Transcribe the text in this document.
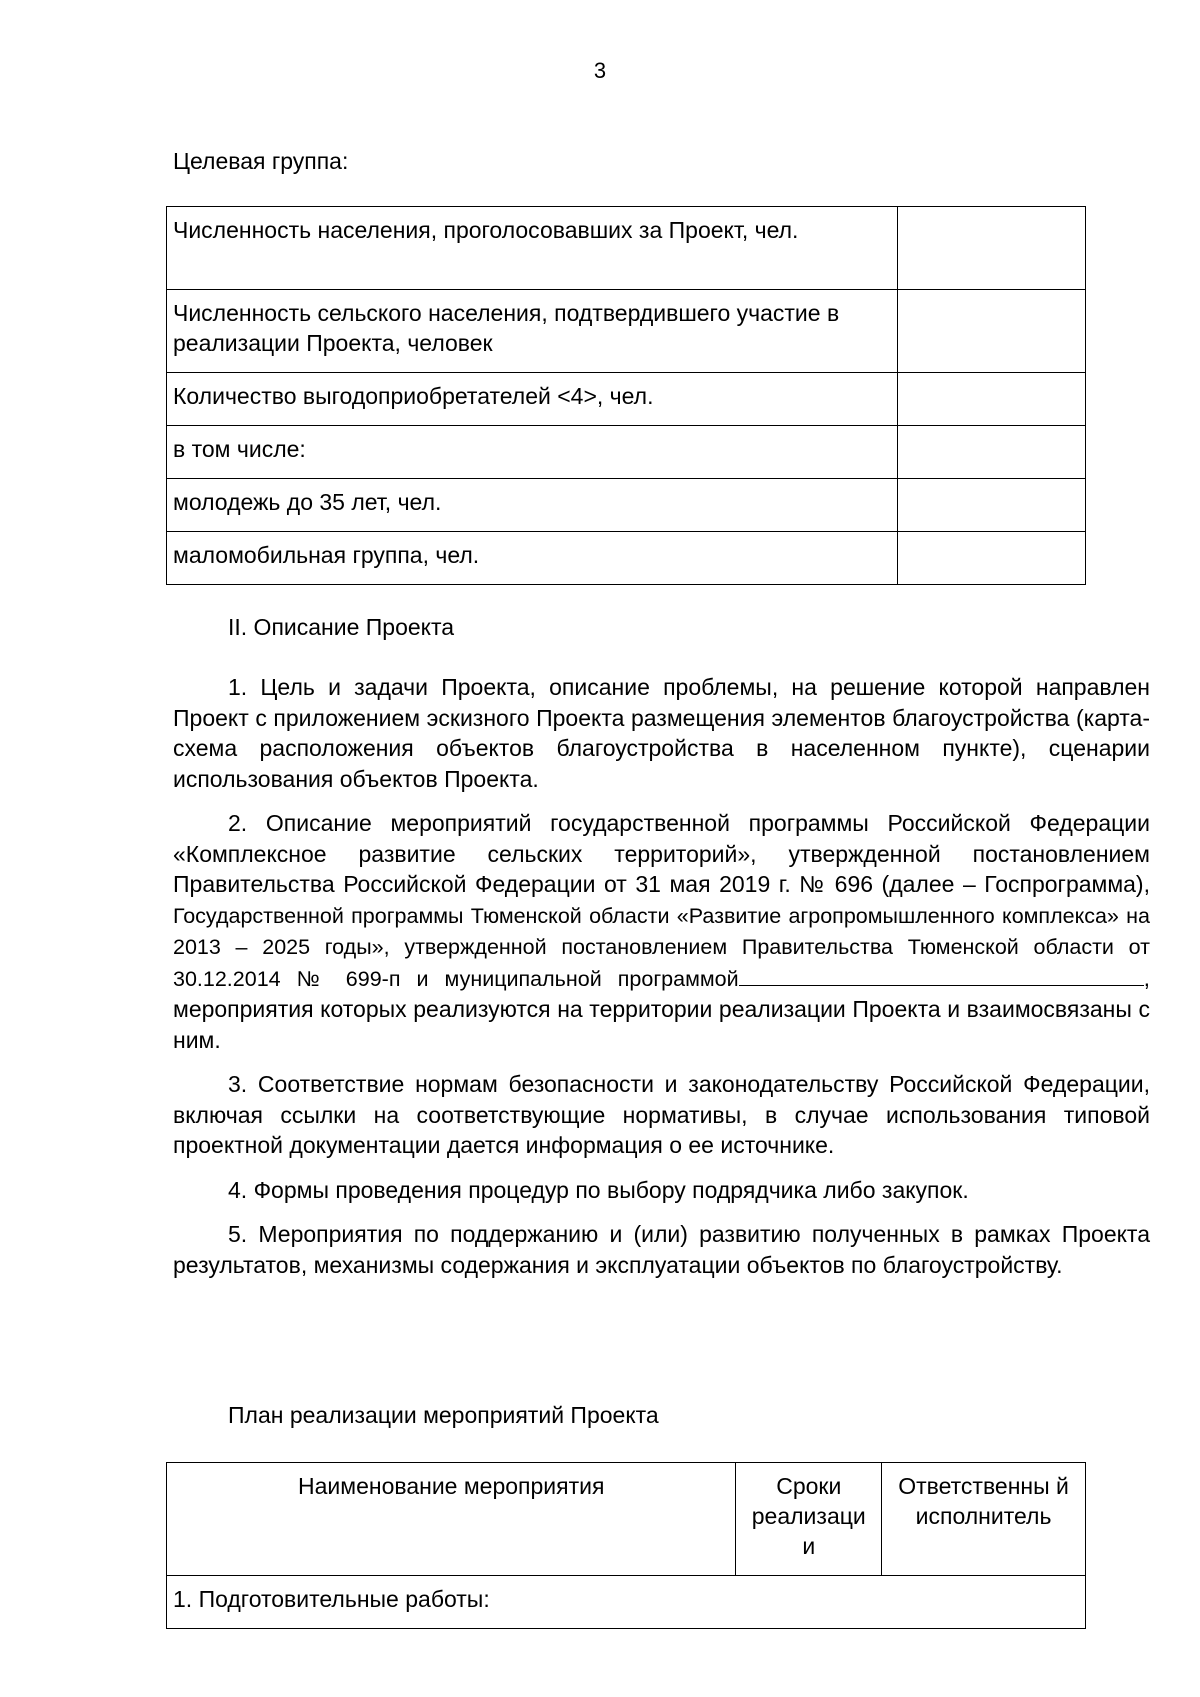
3
Целевая группа:
Численность населения, проголосовавших за Проект, чел.	
Численность сельского населения, подтвердившего участие в реализации Проекта, человек	
Количество выгодоприобретателей <4>, чел.	
в том числе:	
молодежь до 35 лет, чел.	
маломобильная группа, чел.	
II. Описание Проекта

1. Цель и задачи Проекта, описание проблемы, на решение которой направлен Проект с приложением эскизного Проекта размещения элементов благоустройства (карта-схема расположения объектов благоустройства в населенном пункте), сценарии использования объектов Проекта.

2. Описание мероприятий государственной программы Российской Федерации «Комплексное развитие сельских территорий», утвержденной постановлением Правительства Российской Федерации от 31 мая 2019 г. № 696 (далее – Госпрограмма), Государственной программы Тюменской области «Развитие агропромышленного комплекса» на 2013 – 2025 годы», утвержденной постановлением Правительства Тюменской области от 30.12.2014 № 699-п и муниципальной программой	, мероприятия которых реализуются на территории реализации Проекта и взаимосвязаны с ним.

3. Соответствие нормам безопасности и законодательству Российской Федерации, включая ссылки на соответствующие нормативы, в случае использования типовой проектной документации дается информация о ее источнике.

4. Формы проведения процедур по выбору подрядчика либо закупок.

5. Мероприятия по поддержанию и (или) развитию полученных в рамках Проекта результатов, механизмы содержания и эксплуатации объектов по благоустройству.

План реализации мероприятий Проекта
Наименование мероприятия	Сроки реализаци и	Ответственны й исполнитель
1. Подготовительные работы:
